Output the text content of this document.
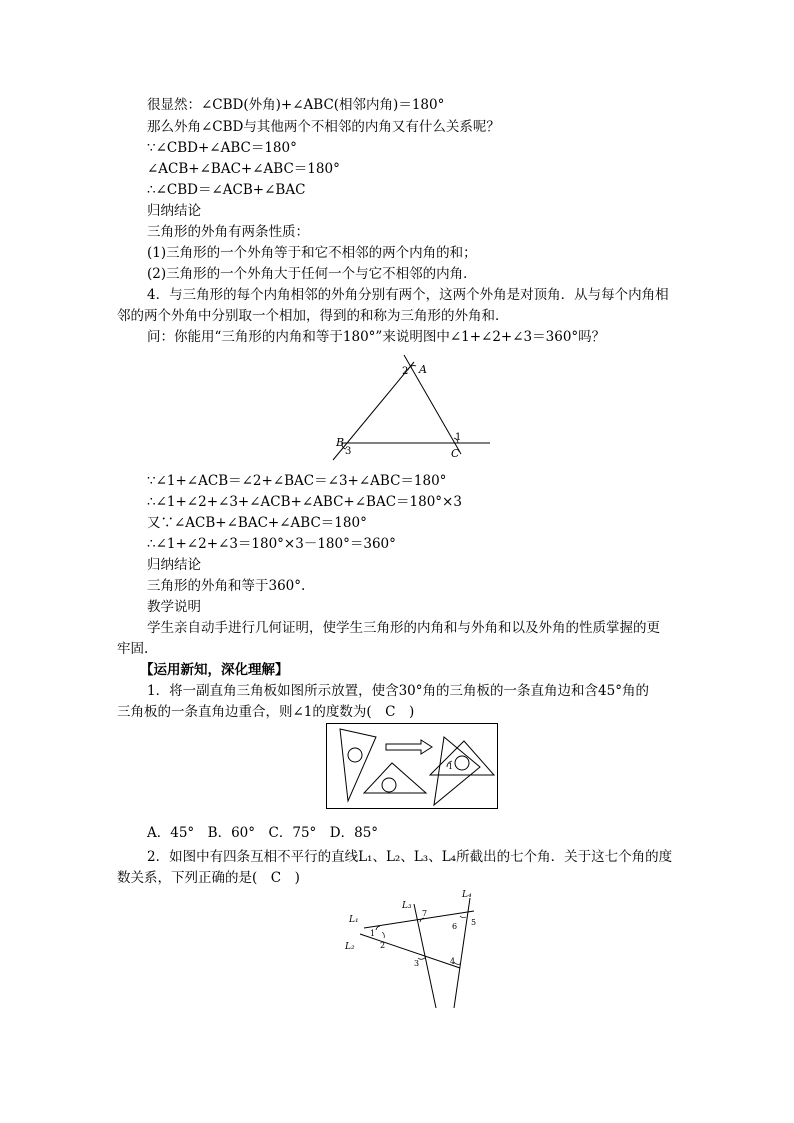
很显然：∠CBD(外角)+∠ABC(相邻内角)＝180°
那么外角∠CBD与其他两个不相邻的内角又有什么关系呢？
∵∠CBD+∠ABC＝180°
∠ACB+∠BAC+∠ABC＝180°
∴∠CBD＝∠ACB+∠BAC
归纳结论
三角形的外角有两条性质：
(1)三角形的一个外角等于和它不相邻的两个内角的和；
(2)三角形的一个外角大于任何一个与它不相邻的内角．
4．与三角形的每个内角相邻的外角分别有两个，这两个外角是对顶角．从与每个内角相
邻的两个外角中分别取一个相加，得到的和称为三角形的外角和．
问：你能用“三角形的内角和等于180°”来说明图中∠1+∠2+∠3＝360°吗？
2 A
1
B
3	C
∵∠1+∠ACB＝∠2+∠BAC＝∠3+∠ABC＝180°
∴∠1+∠2+∠3+∠ACB+∠ABC+∠BAC＝180°×3
又∵∠ACB+∠BAC+∠ABC＝180°
∴∠1+∠2+∠3＝180°×3－180°＝360°
归纳结论
三角形的外角和等于360°.
教学说明
学生亲自动手进行几何证明，使学生三角形的内角和与外角和以及外角的性质掌握的更
牢固.
【运用新知，深化理解】
1．将一副直角三角板如图所示放置，使含30°角的三角板的一条直角边和含45°角的
三角板的一条直角边重合，则∠1的度数为(　C　)
1
A．45°　B．60°　C．75°　D．85°
2．如图中有四条互相不平行的直线L₁、L₂、L₃、L₄所截出的七个角．关于这七个角的度
数关系，下列正确的是(　C　)
L₁
L₂
L₃
L₄
1
2
3	4
5
6
7
